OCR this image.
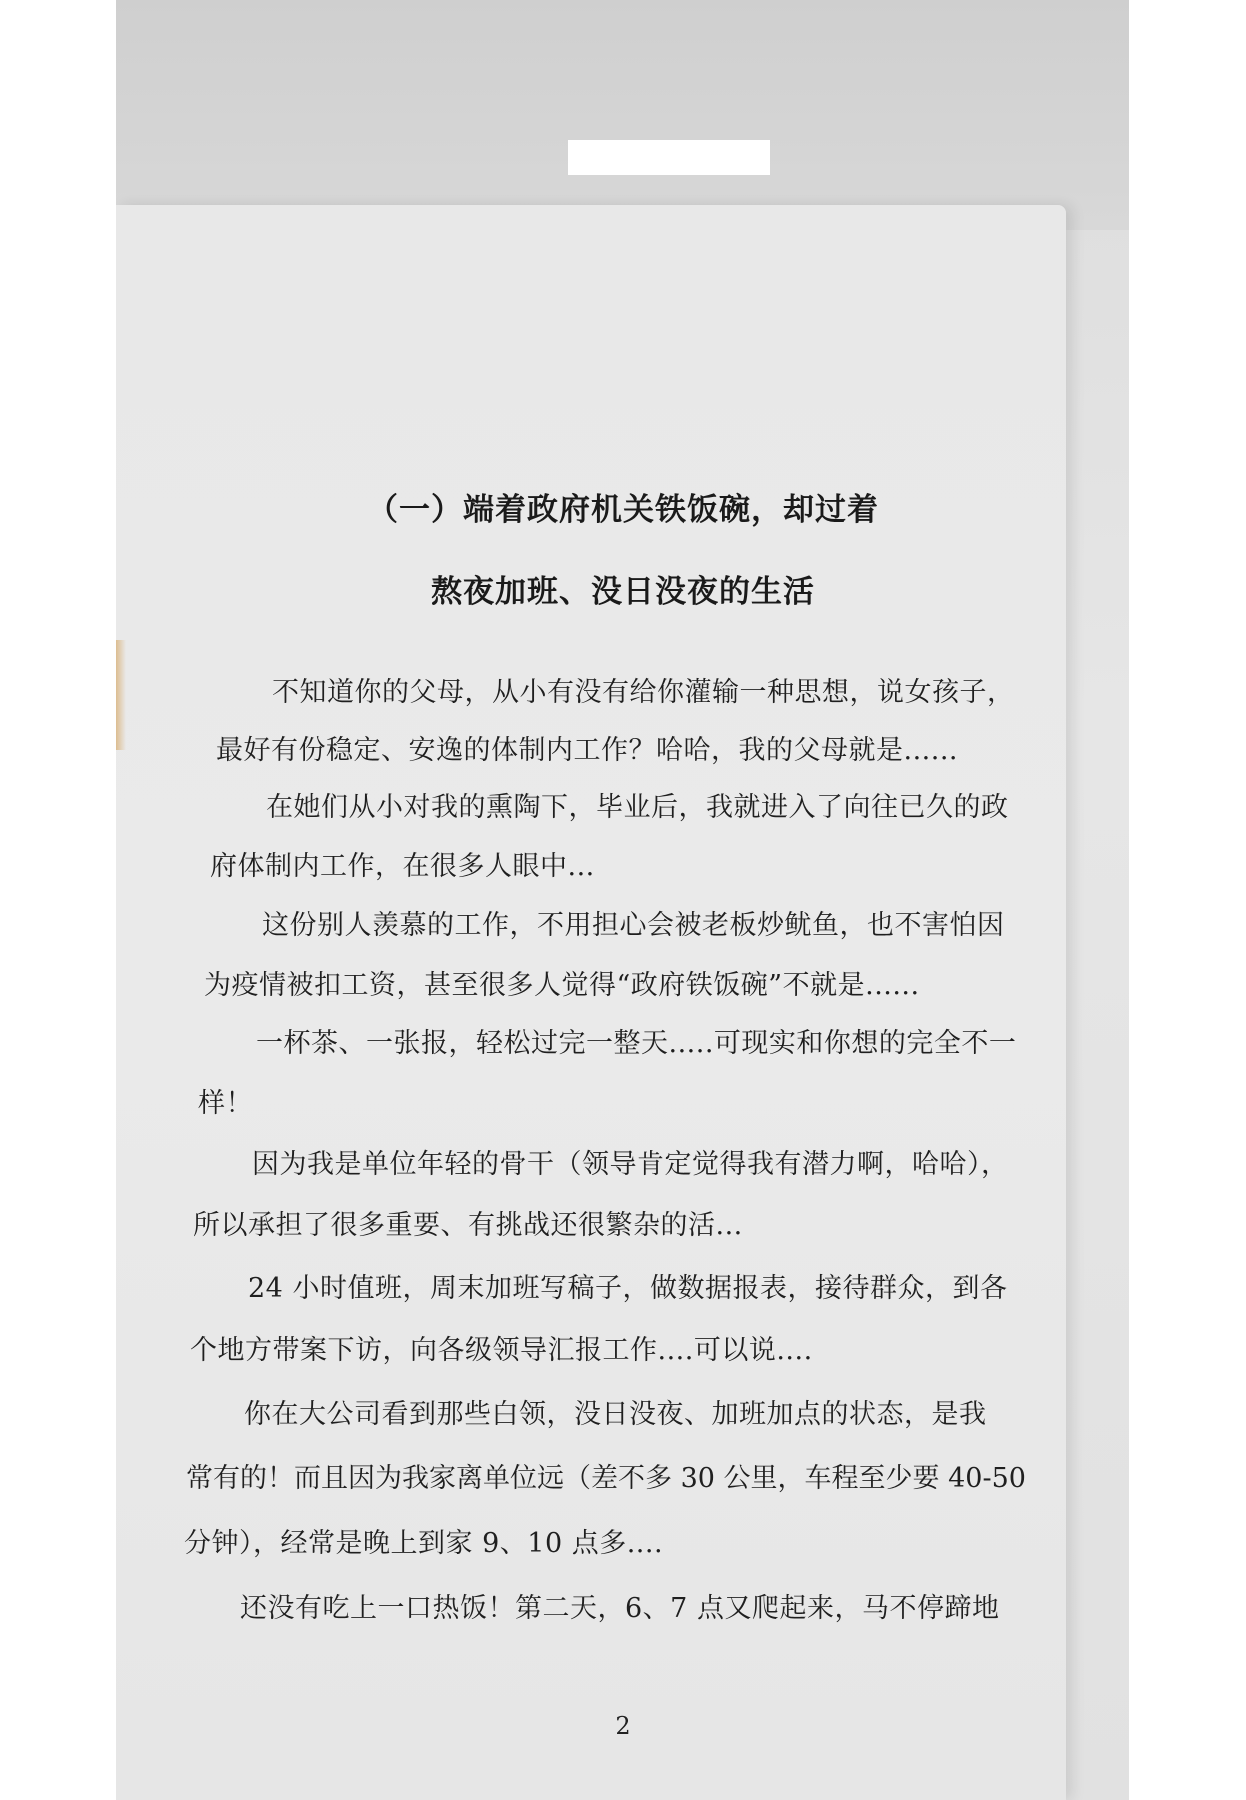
（一）端着政府机关铁饭碗，却过着
熬夜加班、没日没夜的生活

不知道你的父母，从小有没有给你灌输一种思想，说女孩子，

最好有份稳定、安逸的体制内工作？哈哈，我的父母就是......

在她们从小对我的熏陶下，毕业后，我就进入了向往已久的政

府体制内工作，在很多人眼中...

这份别人羡慕的工作，不用担心会被老板炒鱿鱼，也不害怕因

为疫情被扣工资，甚至很多人觉得“政府铁饭碗”不就是......

一杯茶、一张报，轻松过完一整天.....可现实和你想的完全不一

样！

因为我是单位年轻的骨干（领导肯定觉得我有潜力啊，哈哈），

所以承担了很多重要、有挑战还很繁杂的活...

24 小时值班，周末加班写稿子，做数据报表，接待群众，到各

个地方带案下访，向各级领导汇报工作....可以说....

你在大公司看到那些白领，没日没夜、加班加点的状态，是我

常有的！而且因为我家离单位远（差不多 30 公里，车程至少要 40-50

分钟），经常是晚上到家 9、10 点多....

还没有吃上一口热饭！第二天，6、7 点又爬起来，马不停蹄地

2
